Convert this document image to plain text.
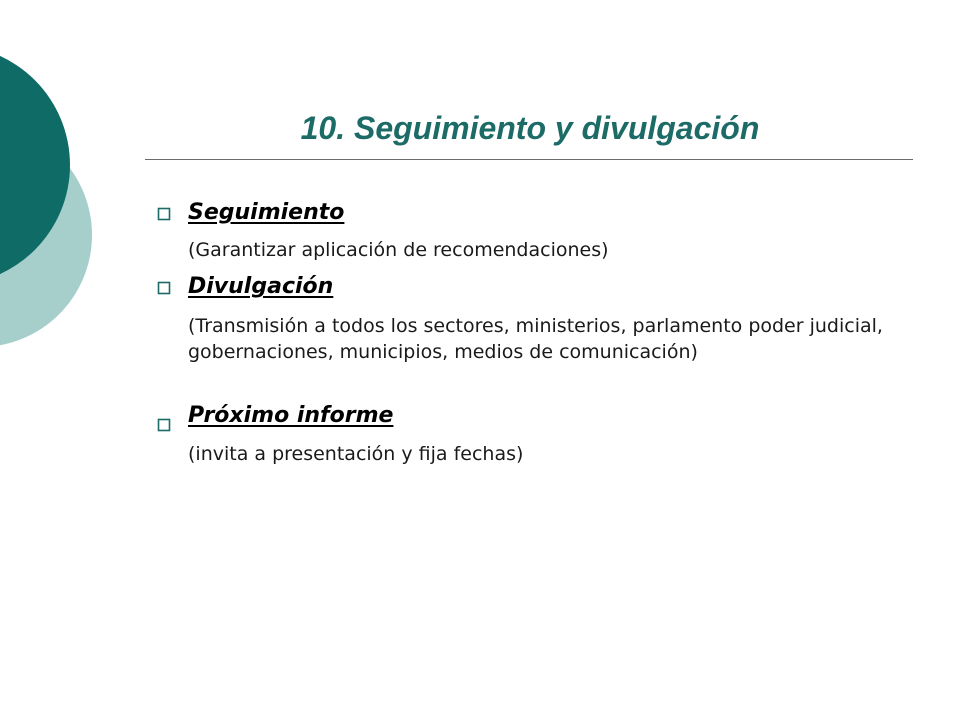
10. Seguimiento y divulgación
Seguimiento
(Garantizar aplicación de recomendaciones)
Divulgación
(Transmisión a todos los sectores, ministerios, parlamento poder judicial, gobernaciones, municipios, medios de comunicación)
Próximo informe
(invita a presentación y fija fechas)
